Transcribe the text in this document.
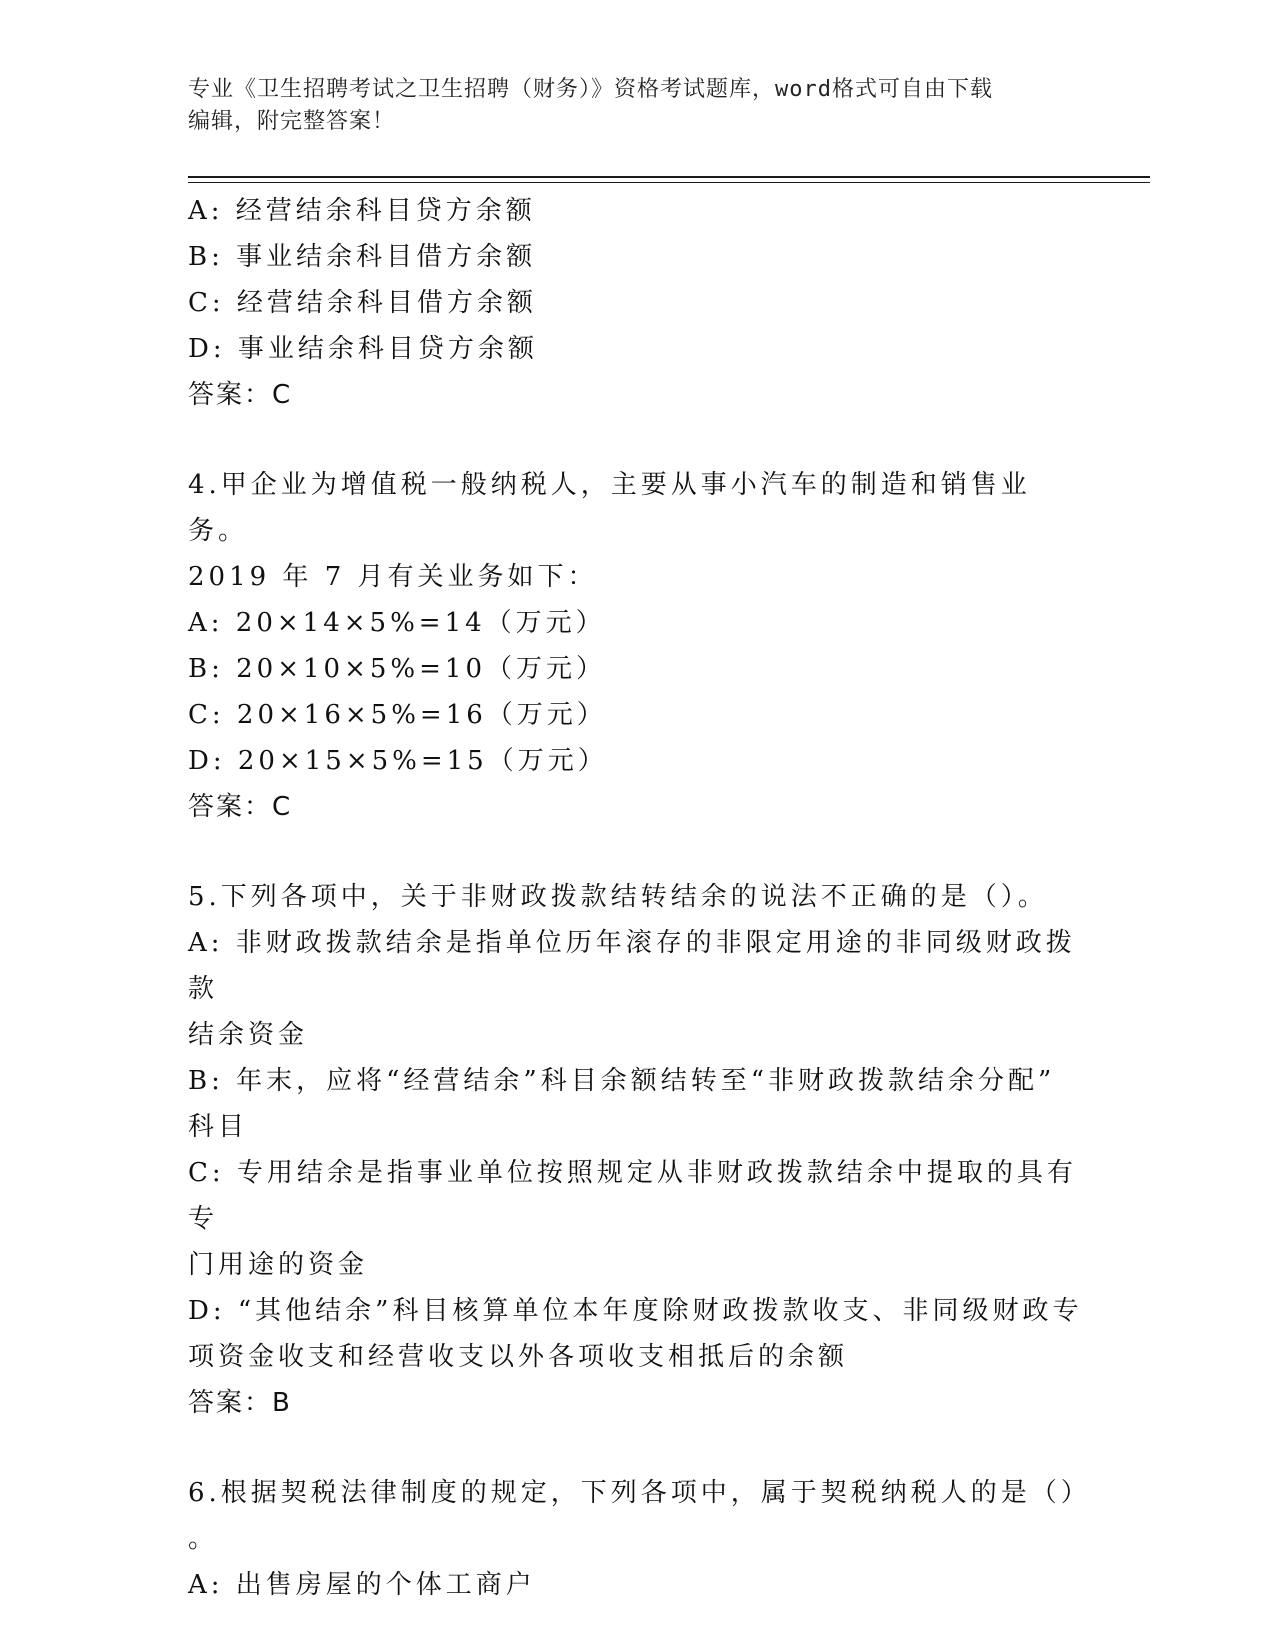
专业《卫生招聘考试之卫生招聘（财务）》资格考试题库，word格式可自由下载
编辑，附完整答案！
A: 经营结余科目贷方余额
B: 事业结余科目借方余额
C: 经营结余科目借方余额
D: 事业结余科目贷方余额
答案：C
4.甲企业为增值税一般纳税人，主要从事小汽车的制造和销售业务。
2019 年 7 月有关业务如下：
A: 20×14×5%=14（万元）
B: 20×10×5%=10（万元）
C: 20×16×5%=16（万元）
D: 20×15×5%=15（万元）
答案：C
5.下列各项中，关于非财政拨款结转结余的说法不正确的是（）。
A: 非财政拨款结余是指单位历年滚存的非限定用途的非同级财政拨款
结余资金
B: 年末，应将“经营结余”科目余额结转至“非财政拨款结余分配”
科目
C: 专用结余是指事业单位按照规定从非财政拨款结余中提取的具有专
门用途的资金
D: “其他结余”科目核算单位本年度除财政拨款收支、非同级财政专
项资金收支和经营收支以外各项收支相抵后的余额
答案：B
6.根据契税法律制度的规定，下列各项中，属于契税纳税人的是（）
。
A: 出售房屋的个体工商户
